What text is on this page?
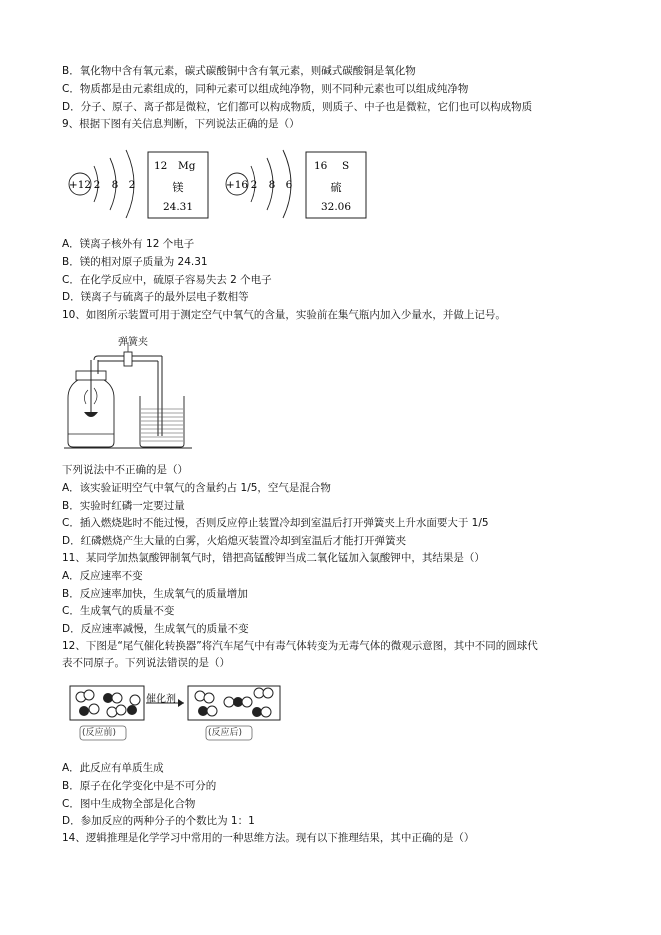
B．氧化物中含有氧元素，碳式碳酸铜中含有氧元素，则碱式碳酸铜是氧化物
C．物质都是由元素组成的，同种元素可以组成纯净物，则不同种元素也可以组成纯净物
D．分子、原子、离子都是微粒，它们都可以构成物质，则质子、中子也是微粒，它们也可以构成物质
9、根据下图有关信息判断，下列说法正确的是（）
+12 2 8 2
12 Mg
镁
24.31
+16 2 8 6
16 S
硫
32.06
A．镁离子核外有 12 个电子
B．镁的相对原子质量为 24.31
C．在化学反应中，硫原子容易失去 2 个电子
D．镁离子与硫离子的最外层电子数相等
10、如图所示装置可用于测定空气中氧气的含量，实验前在集气瓶内加入少量水，并做上记号。
弹簧夹
下列说法中不正确的是（）
A．该实验证明空气中氧气的含量约占 1/5，空气是混合物
B．实验时红磷一定要过量
C．插入燃烧匙时不能过慢，否则反应停止装置冷却到室温后打开弹簧夹上升水面要大于 1/5
D．红磷燃烧产生大量的白雾，火焰熄灭装置冷却到室温后才能打开弹簧夹
11、某同学加热氯酸钾制氧气时，错把高锰酸钾当成二氧化锰加入氯酸钾中，其结果是（）
A．反应速率不变
B．反应速率加快，生成氧气的质量增加
C．生成氧气的质量不变
D．反应速率减慢，生成氧气的质量不变
12、下图是“尾气催化转换器”将汽车尾气中有毒气体转变为无毒气体的微观示意图，其中不同的圆球代
表不同原子。下列说法错误的是（）
催化剂
(反应前)	(反应后)
A．此反应有单质生成
B．原子在化学变化中是不可分的
C．图中生成物全部是化合物
D．参加反应的两种分子的个数比为 1：1
14、逻辑推理是化学学习中常用的一种思维方法。现有以下推理结果，其中正确的是（）
